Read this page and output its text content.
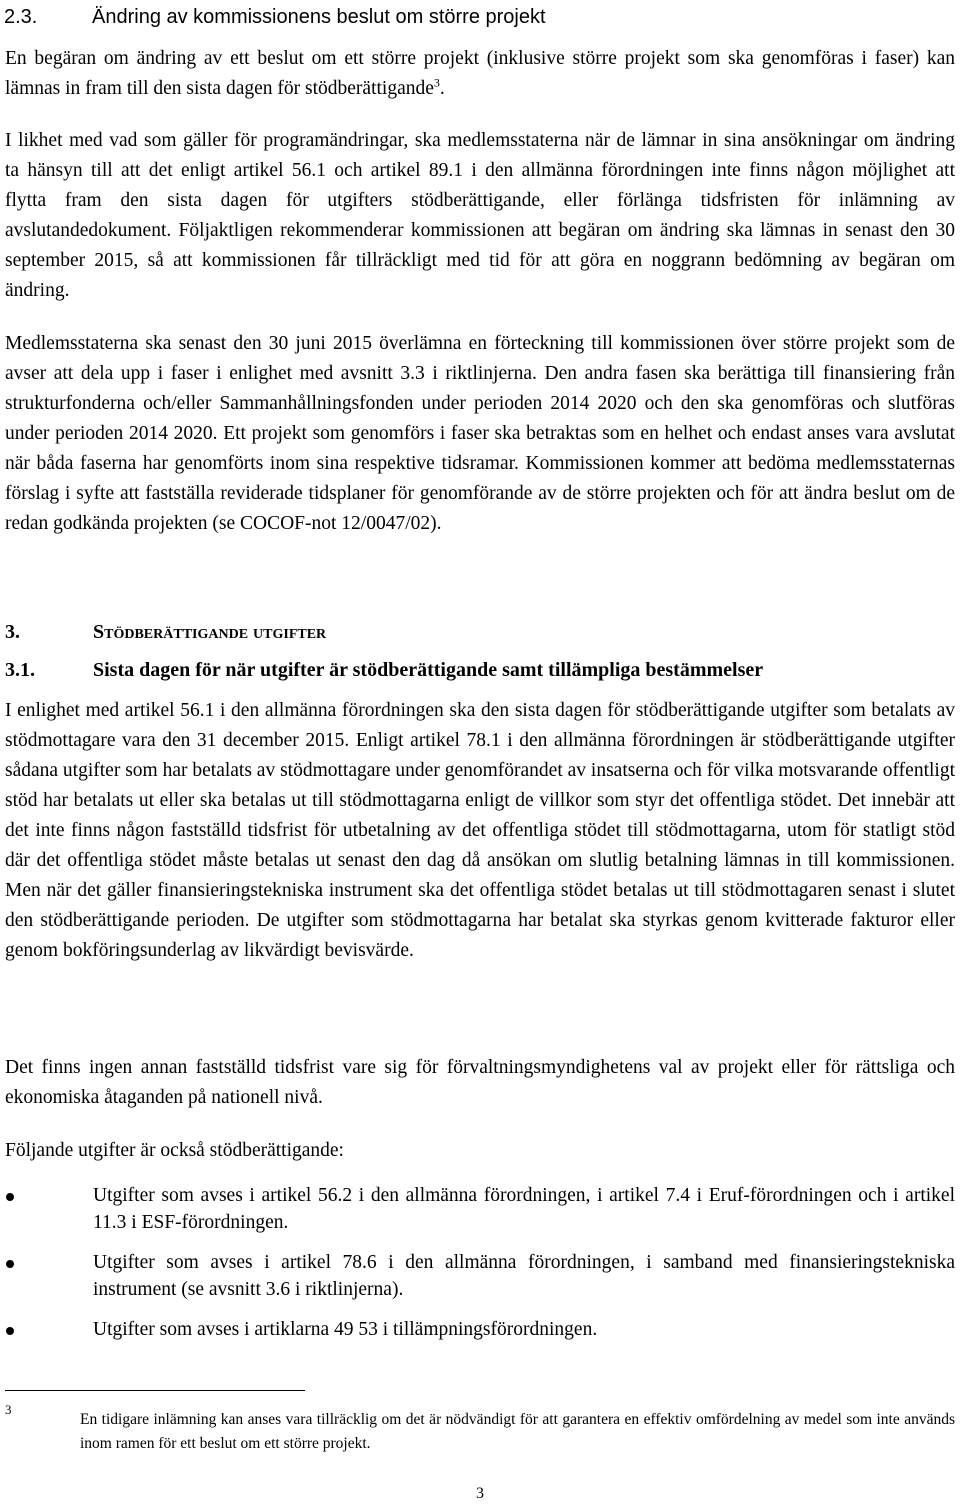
2.3.	Ändring av kommissionens beslut om större projekt
En begäran om ändring av ett beslut om ett större projekt (inklusive större projekt som ska genomföras i faser) kan lämnas in fram till den sista dagen för stödberättigande$^3$.
I likhet med vad som gäller för programändringar, ska medlemsstaterna när de lämnar in sina ansökningar om ändring ta hänsyn till att det enligt artikel 56.1 och artikel 89.1 i den allmänna förordningen inte finns någon möjlighet att flytta fram den sista dagen för utgifters stödberättigande, eller förlänga tidsfristen för inlämning av avslutandedokument. Följaktligen rekommenderar kommissionen att begäran om ändring ska lämnas in senast den 30 september 2015, så att kommissionen får tillräckligt med tid för att göra en noggrann bedömning av begäran om ändring.
Medlemsstaterna ska senast den 30 juni 2015 överlämna en förteckning till kommissionen över större projekt som de avser att dela upp i faser i enlighet med avsnitt 3.3 i riktlinjerna. Den andra fasen ska berättiga till finansiering från strukturfonderna och/eller Sammanhållningsfonden under perioden 2014 2020 och den ska genomföras och slutföras under perioden 2014 2020. Ett projekt som genomförs i faser ska betraktas som en helhet och endast anses vara avslutat när båda faserna har genomförts inom sina respektive tidsramar. Kommissionen kommer att bedöma medlemsstaternas förslag i syfte att fastställa reviderade tidsplaner för genomförande av de större projekten och för att ändra beslut om de redan godkända projekten (se COCOF-not 12/0047/02).
3.	Stödberättigande utgifter
3.1.	Sista dagen för när utgifter är stödberättigande samt tillämpliga bestämmelser
I enlighet med artikel 56.1 i den allmänna förordningen ska den sista dagen för stödberättigande utgifter som betalats av stödmottagare vara den 31 december 2015. Enligt artikel 78.1 i den allmänna förordningen är stödberättigande utgifter sådana utgifter som har betalats av stödmottagare under genomförandet av insatserna och för vilka motsvarande offentligt stöd har betalats ut eller ska betalas ut till stödmottagarna enligt de villkor som styr det offentliga stödet. Det innebär att det inte finns någon fastställd tidsfrist för utbetalning av det offentliga stödet till stödmottagarna, utom för statligt stöd där det offentliga stödet måste betalas ut senast den dag då ansökan om slutlig betalning lämnas in till kommissionen. Men när det gäller finansieringstekniska instrument ska det offentliga stödet betalas ut till stödmottagaren senast i slutet den stödberättigande perioden. De utgifter som stödmottagarna har betalat ska styrkas genom kvitterade fakturor eller genom bokföringsunderlag av likvärdigt bevisvärde.
Det finns ingen annan fastställd tidsfrist vare sig för förvaltningsmyndighetens val av projekt eller för rättsliga och ekonomiska åtaganden på nationell nivå.
Följande utgifter är också stödberättigande:
Utgifter som avses i artikel 56.2 i den allmänna förordningen, i artikel 7.4 i Eruf-förordningen och i artikel 11.3 i ESF-förordningen.
Utgifter som avses i artikel 78.6 i den allmänna förordningen, i samband med finansieringstekniska instrument (se avsnitt 3.6 i riktlinjerna).
Utgifter som avses i artiklarna 49 53 i tillämpningsförordningen.
3
En tidigare inlämning kan anses vara tillräcklig om det är nödvändigt för att garantera en effektiv omfördelning av medel som inte används inom ramen för ett beslut om ett större projekt.
3
